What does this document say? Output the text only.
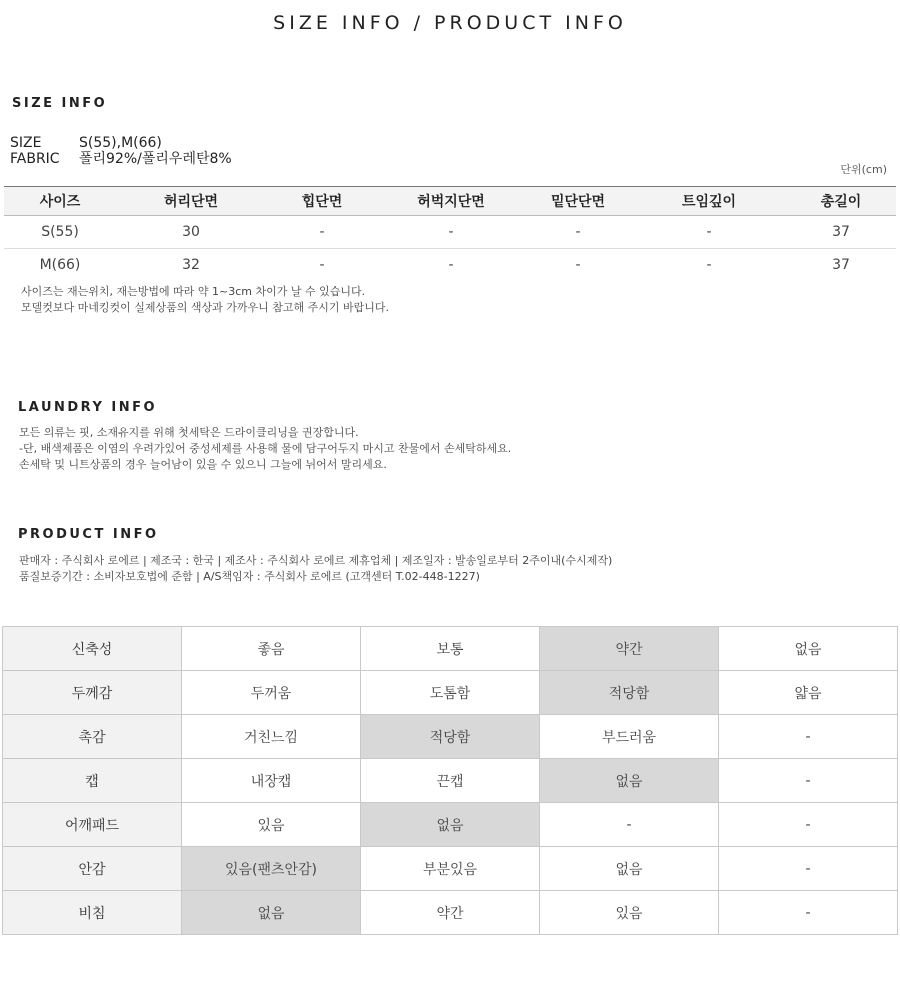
SIZE INFO / PRODUCT INFO
SIZE INFO
SIZE	S(55),M(66)
FABRIC 폴리92%/폴리우레탄8%
단위(cm)
사이즈	허리단면	힙단면	허벅지단면	밑단단면	트임깊이	총길이
S(55)	30	-	-	-	-	37
M(66)	32	-	-	-	-	37
사이즈는 재는위치, 재는방법에 따라 약 1~3cm 차이가 날 수 있습니다.
모델컷보다 마네킹컷이 실제상품의 색상과 가까우니 참고해 주시기 바랍니다.
LAUNDRY INFO
모든 의류는 핏, 소재유지를 위해 첫세탁은 드라이클리닝을 권장합니다.
-단, 배색제품은 이염의 우려가있어 중성세제를 사용해 물에 담구어두지 마시고 찬물에서 손세탁하세요.
손세탁 및 니트상품의 경우 늘어남이 있을 수 있으니 그늘에 뉘어서 말리세요.
PRODUCT INFO
판매자 : 주식회사 로에르 | 제조국 : 한국 | 제조사 : 주식회사 로에르 제휴업체 | 제조일자 : 발송일로부터 2주이내(수시제작)
품질보증기간 : 소비자보호법에 준함 | A/S책임자 : 주식회사 로에르 (고객센터 T.02-448-1227)
신축성	좋음	보통	약간	없음
두께감	두꺼움	도톰함	적당함	얇음
촉감	거친느낌	적당함	부드러움	-
캡	내장캡	끈캡	없음	-
어깨패드	있음	없음	-	-
안감	있음(팬츠안감)	부분있음	없음	-
비침	없음	약간	있음	-
